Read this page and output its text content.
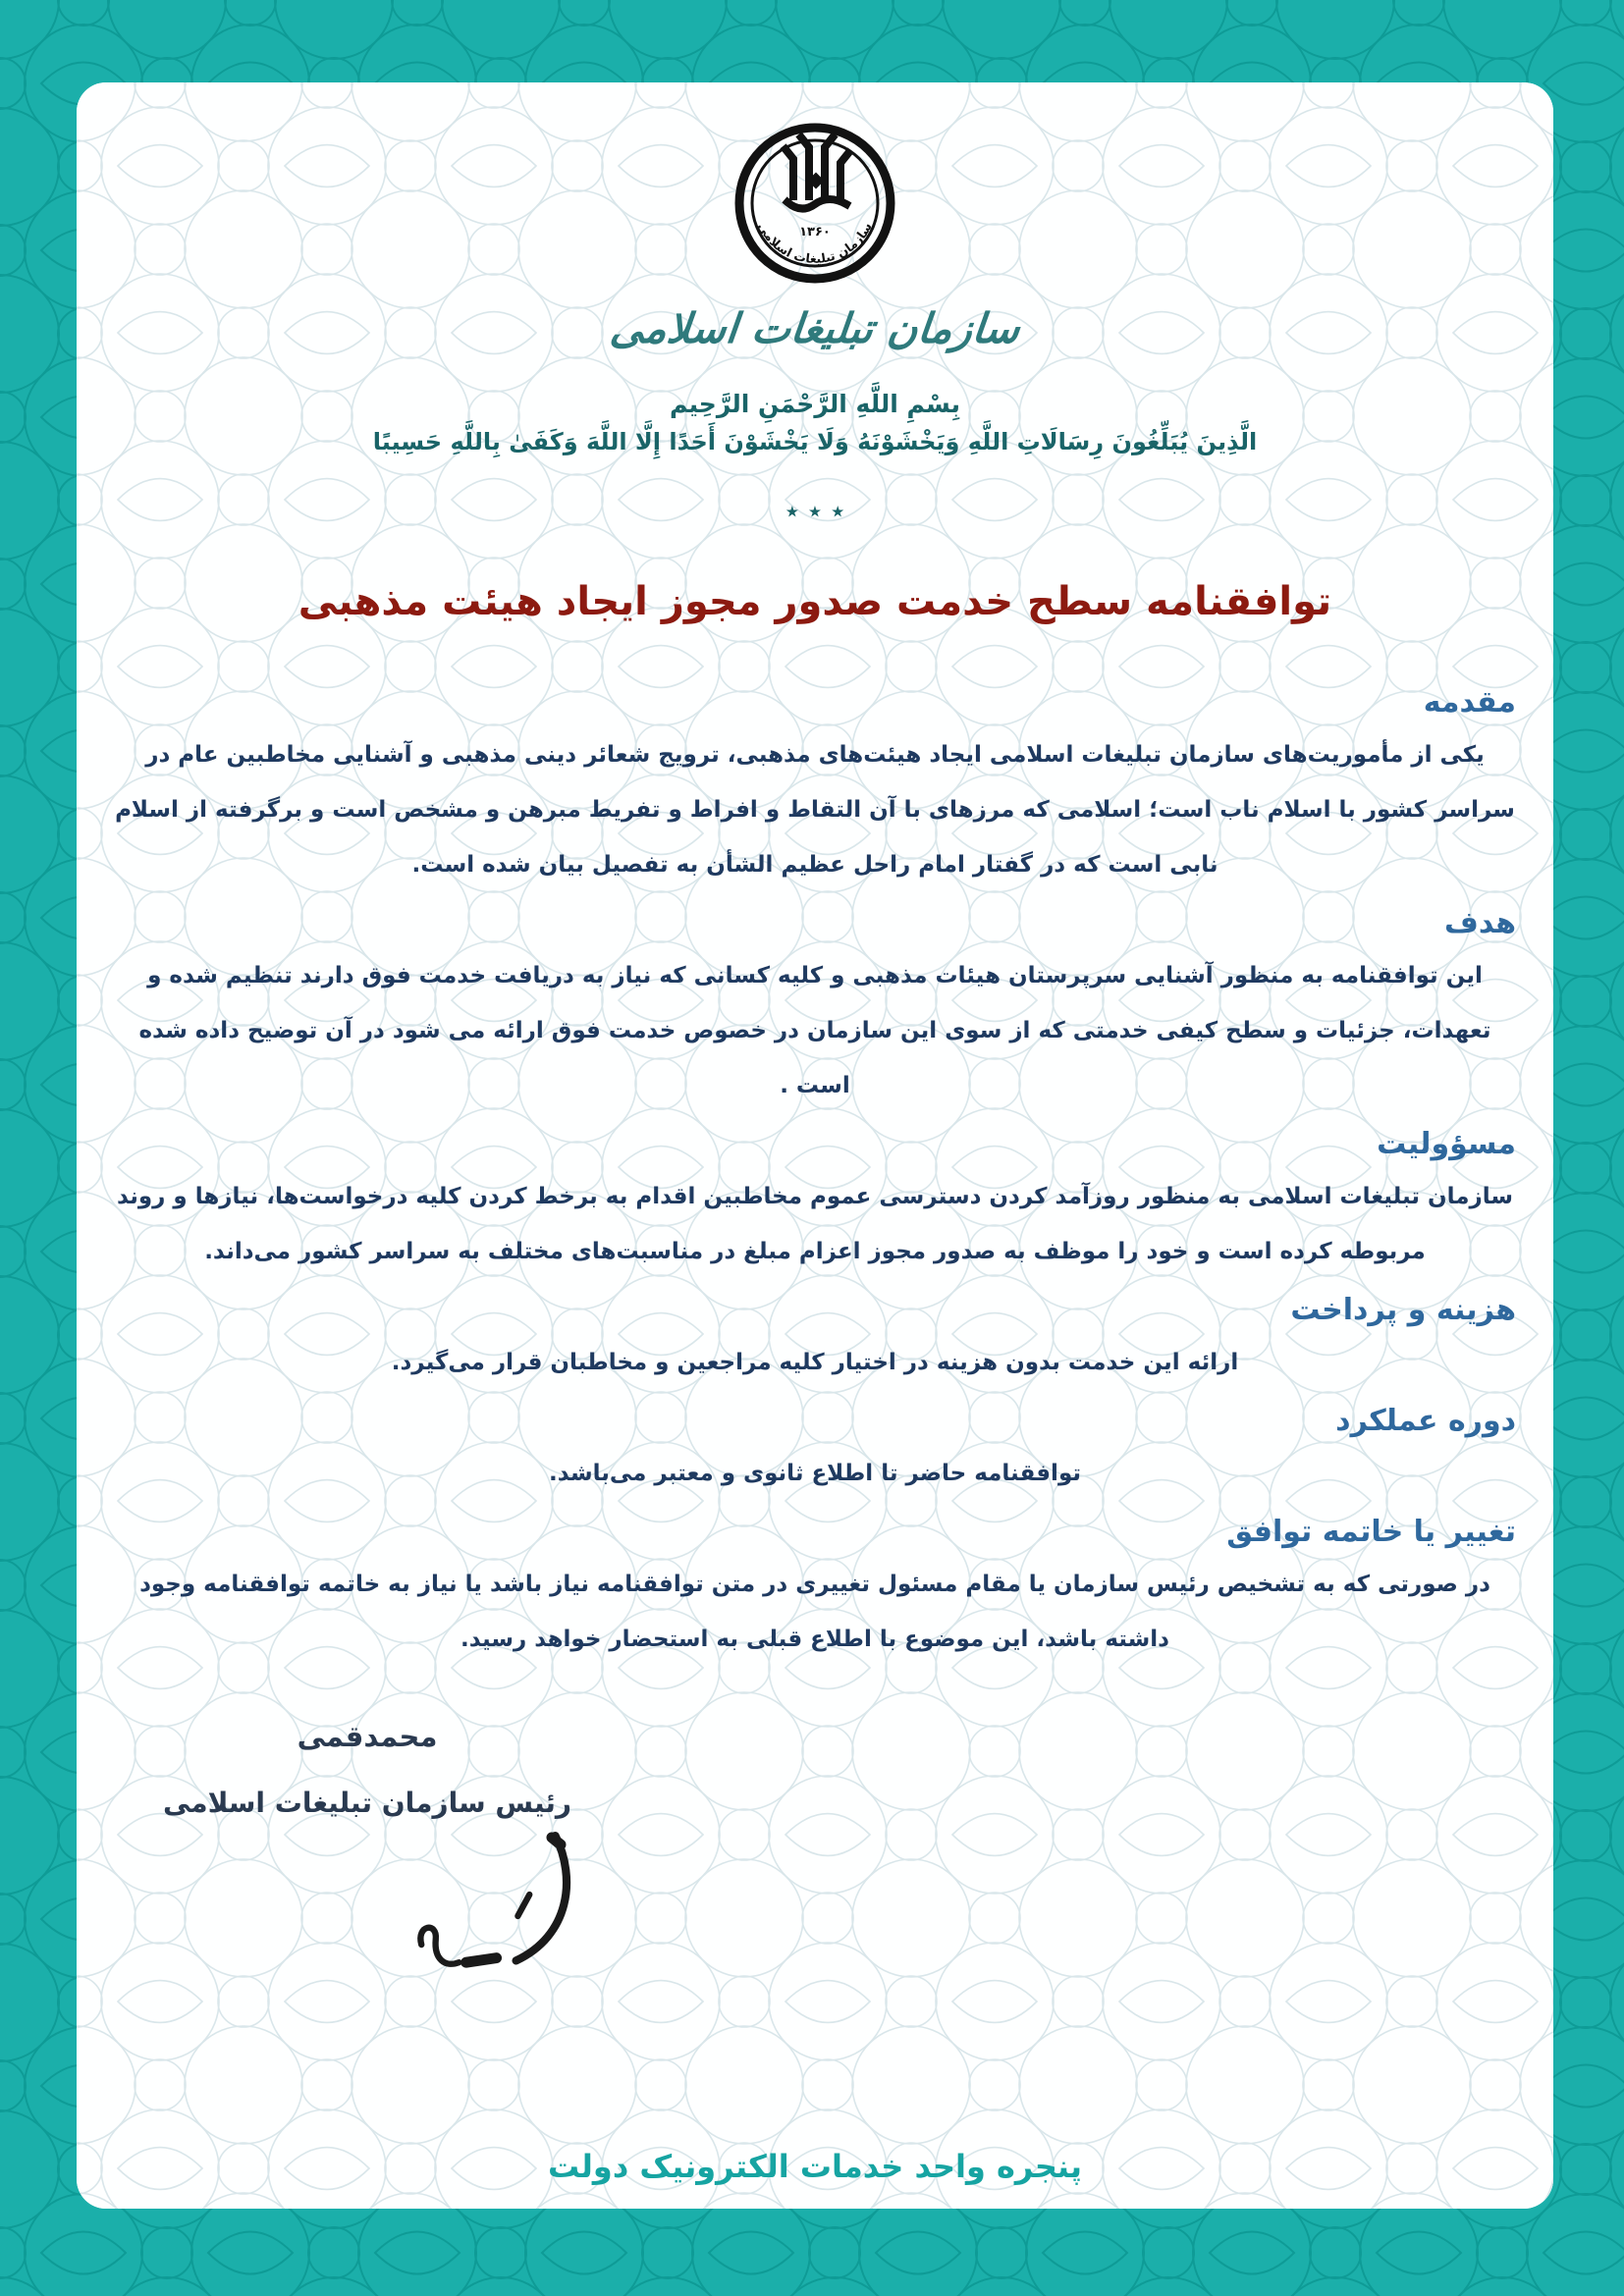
۱۳۶۰
سازمان تبلیغات اسلامی
سازمان تبلیغات اسلامی
بِسْمِ اللَّهِ الرَّحْمَنِ الرَّحِيم
الَّذِينَ يُبَلِّغُونَ رِسَالَاتِ اللَّهِ وَيَخْشَوْنَهُ وَلَا يَخْشَوْنَ أَحَدًا إِلَّا اللَّهَ وَكَفَىٰ بِاللَّهِ حَسِيبًا
٭ ٭ ٭
توافقنامه سطح خدمت صدور مجوز ایجاد هیئت مذهبی
مقدمه

یکی از مأموریت‌های سازمان تبلیغات اسلامی ایجاد هیئت‌های مذهبی، ترویج شعائر دینی مذهبی و آشنایی مخاطبین عام در سراسر کشور با اسلام ناب است؛ اسلامی که مرزهای با آن التقاط و افراط و تفریط مبرهن و مشخص است و برگرفته از اسلام نابی است که در گفتار امام راحل عظیم الشأن به تفصیل بیان شده است.

هدف

این توافقنامه به منظور آشنایی سرپرستان هیئات مذهبی و کلیه کسانی که نیاز به دریافت خدمت فوق دارند تنظیم شده و تعهدات، جزئیات و سطح کیفی خدمتی که از سوی این سازمان در خصوص خدمت فوق ارائه می شود در آن توضیح داده شده است .

مسؤولیت

سازمان تبلیغات اسلامی به منظور روزآمد کردن دسترسی عموم مخاطبین اقدام به برخط کردن کلیه درخواست‌ها، نیازها و روند مربوطه کرده است و خود را موظف به صدور مجوز اعزام مبلغ در مناسبت‌های مختلف به سراسر کشور می‌داند.

هزینه و پرداخت

ارائه این خدمت بدون هزینه در اختیار کلیه مراجعین و مخاطبان قرار می‌گیرد.

دوره عملکرد

توافقنامه حاضر تا اطلاع ثانوی و معتبر می‌باشد.

تغییر یا خاتمه توافق

در صورتی که به تشخیص رئیس سازمان یا مقام مسئول تغییری در متن توافقنامه نیاز باشد یا نیاز به خاتمه توافقنامه وجود داشته باشد، این موضوع با اطلاع قبلی به استحضار خواهد رسید.

محمدقمی
رئیس سازمان تبلیغات اسلامی
پنجره واحد خدمات الکترونیک دولت
